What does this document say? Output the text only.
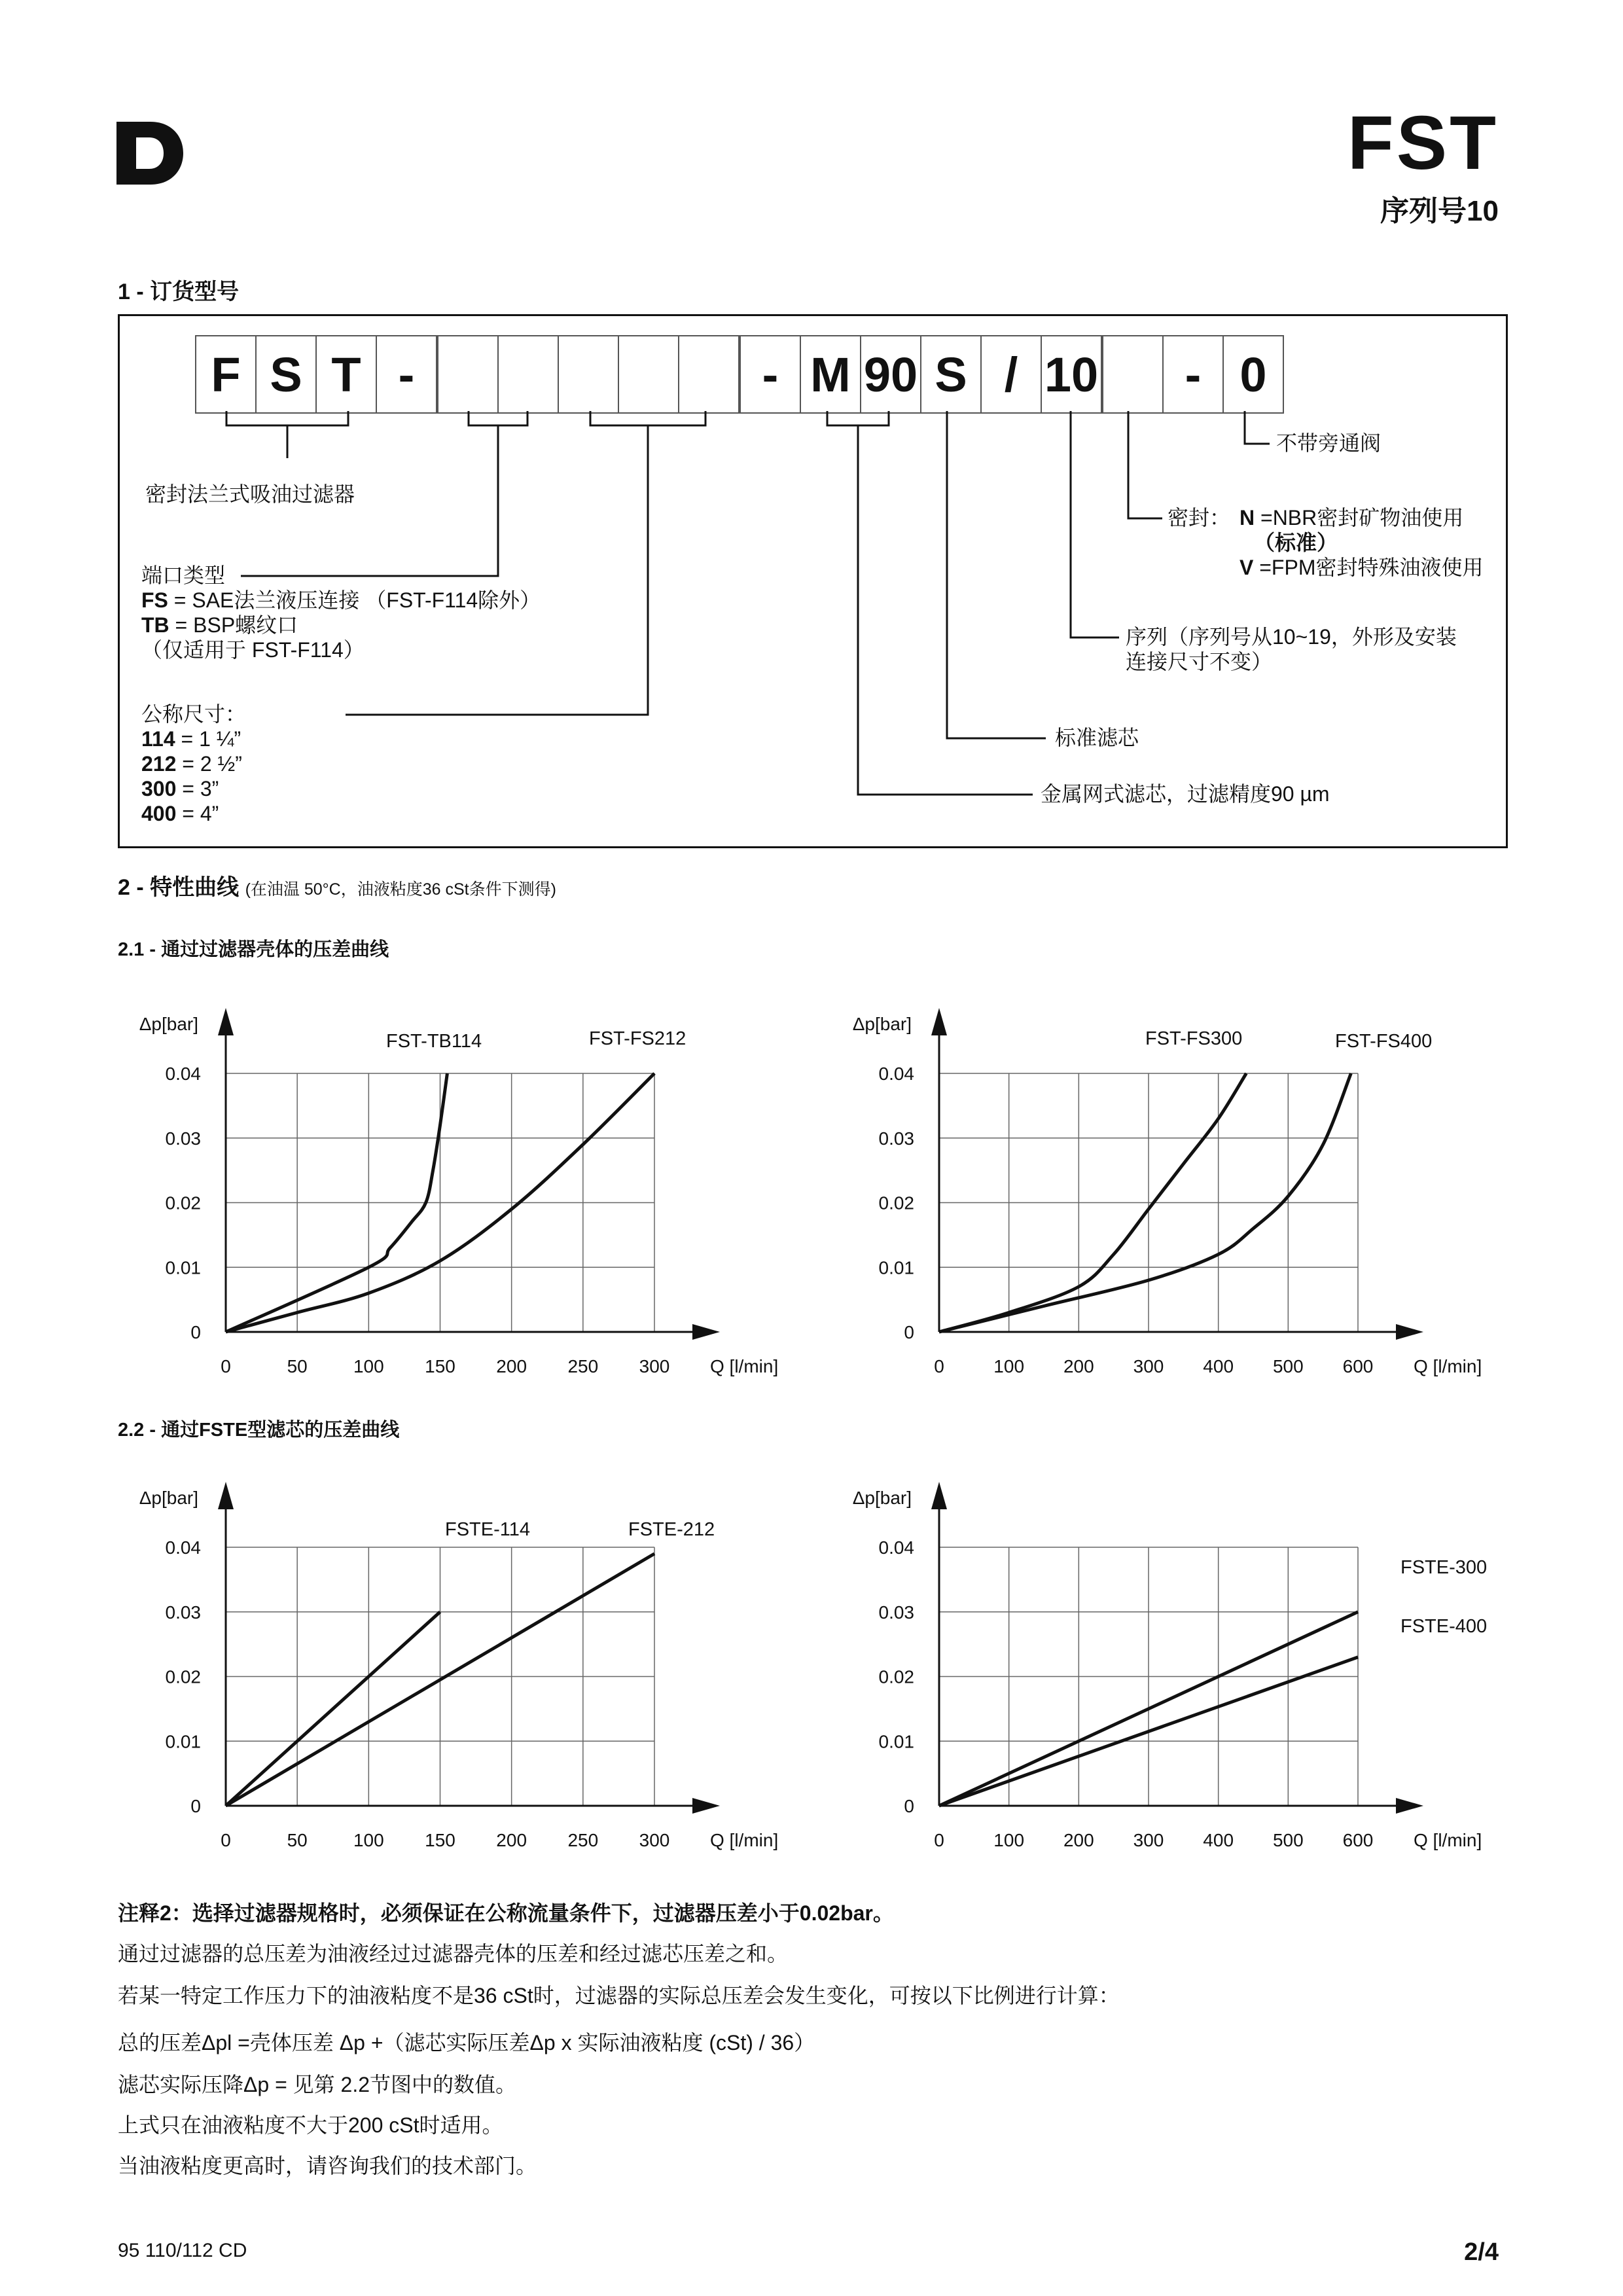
FST
序列号10
1 - 订货型号
F S T -	- M 90 S / 10	- 0
密封法兰式吸油过滤器
端口类型
FS = SAE法兰液压连接 （FST-F114除外）
TB = BSP螺纹口
（仅适用于 FST-F114）
公称尺寸：
114 = 1 ¼”
212 = 2 ½”
300 = 3”
400 = 4”
不带旁通阀
密封： N =NBR密封矿物油使用
（标准）
V =FPM密封特殊油液使用
序列（序列号从10~19，外形及安装
连接尺寸不变）
标准滤芯
金属网式滤芯，过滤精度90 µm
2 - 特性曲线 (在油温 50°C，油液粘度36 cSt条件下测得)
2.1 - 通过过滤器壳体的压差曲线
2.2 - 通过FSTE型滤芯的压差曲线
0	50	100 150 200 250 300
0
0.01
0.02
0.03
0.04
Δp[bar]
Q [l/min]
FST-TB114	FST-FS212
0	100 200 300 400 500 600
0
0.01
0.02
0.03
0.04
Δp[bar]
Q [l/min]
FST-FS300	FST-FS400
0	50	100 150 200 250 300
0
0.01
0.02
0.03
0.04
Δp[bar]
Q [l/min]
FSTE-114	FSTE-212
0	100 200 300 400 500 600
0
0.01
0.02
0.03
0.04
Δp[bar]
Q [l/min]
FSTE-300
FSTE-400
注释2：选择过滤器规格时，必须保证在公称流量条件下，过滤器压差小于0.02bar。
通过过滤器的总压差为油液经过过滤器壳体的压差和经过滤芯压差之和。
若某一特定工作压力下的油液粘度不是36 cSt时，过滤器的实际总压差会发生变化，可按以下比例进行计算：
总的压差Δpl =壳体压差 Δp +（滤芯实际压差Δp x 实际油液粘度 (cSt) / 36）
滤芯实际压降Δp = 见第 2.2节图中的数值。
上式只在油液粘度不大于200 cSt时适用。
当油液粘度更高时，请咨询我们的技术部门。
95 110/112 CD	2/4
